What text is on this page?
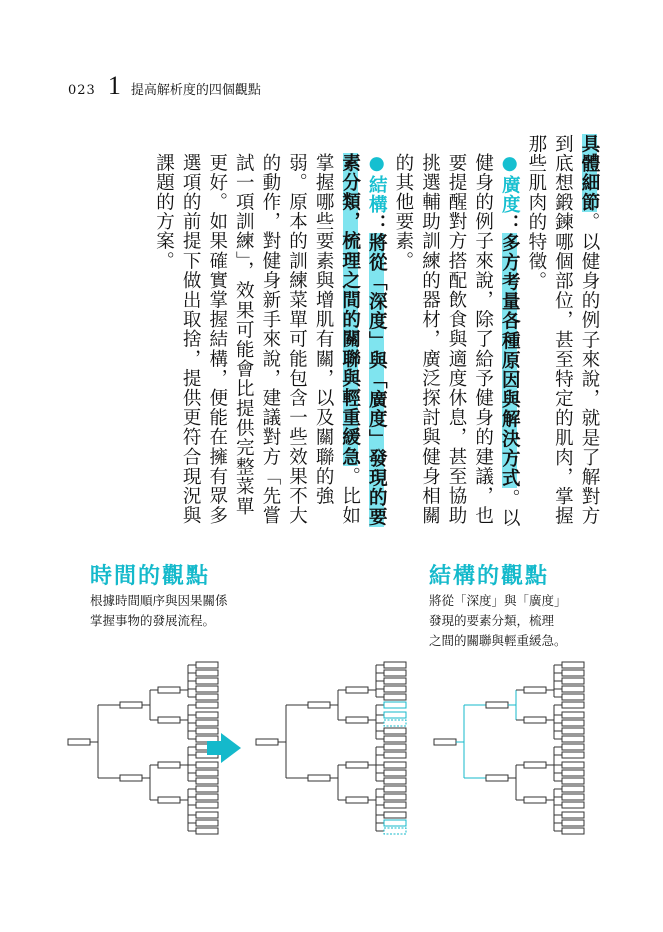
023 1 提高解析度的四個觀點

具體細節。以健身的例子來說，就是了解對方到底想鍛鍊哪個部位，甚至特定的肌肉，掌握那些肌肉的特徵。

●廣度：多方考量各種原因與解決方式。以健身的例子來說，除了給予健身的建議，也要提醒對方搭配飲食與適度休息，甚至協助挑選輔助訓練的器材，廣泛探討與健身相關的其他要素。

●結構：將從「深度」與「廣度」發現的要素分類，梳理之間的關聯與輕重緩急。比如掌握哪些要素與增肌有關，以及關聯的強弱。原本的訓練菜單可能包含一些效果不大的動作，對健身新手來說，建議對方「先嘗試一項訓練」，效果可能會比提供完整菜單更好。如果確實掌握結構，便能在擁有眾多選項的前提下做出取捨，提供更符合現況與課題的方案。

時間的觀點
根據時間順序與因果關係
掌握事物的發展流程。
結構的觀點
將從「深度」與「廣度」
發現的要素分類，梳理
之間的關聯與輕重緩急。
